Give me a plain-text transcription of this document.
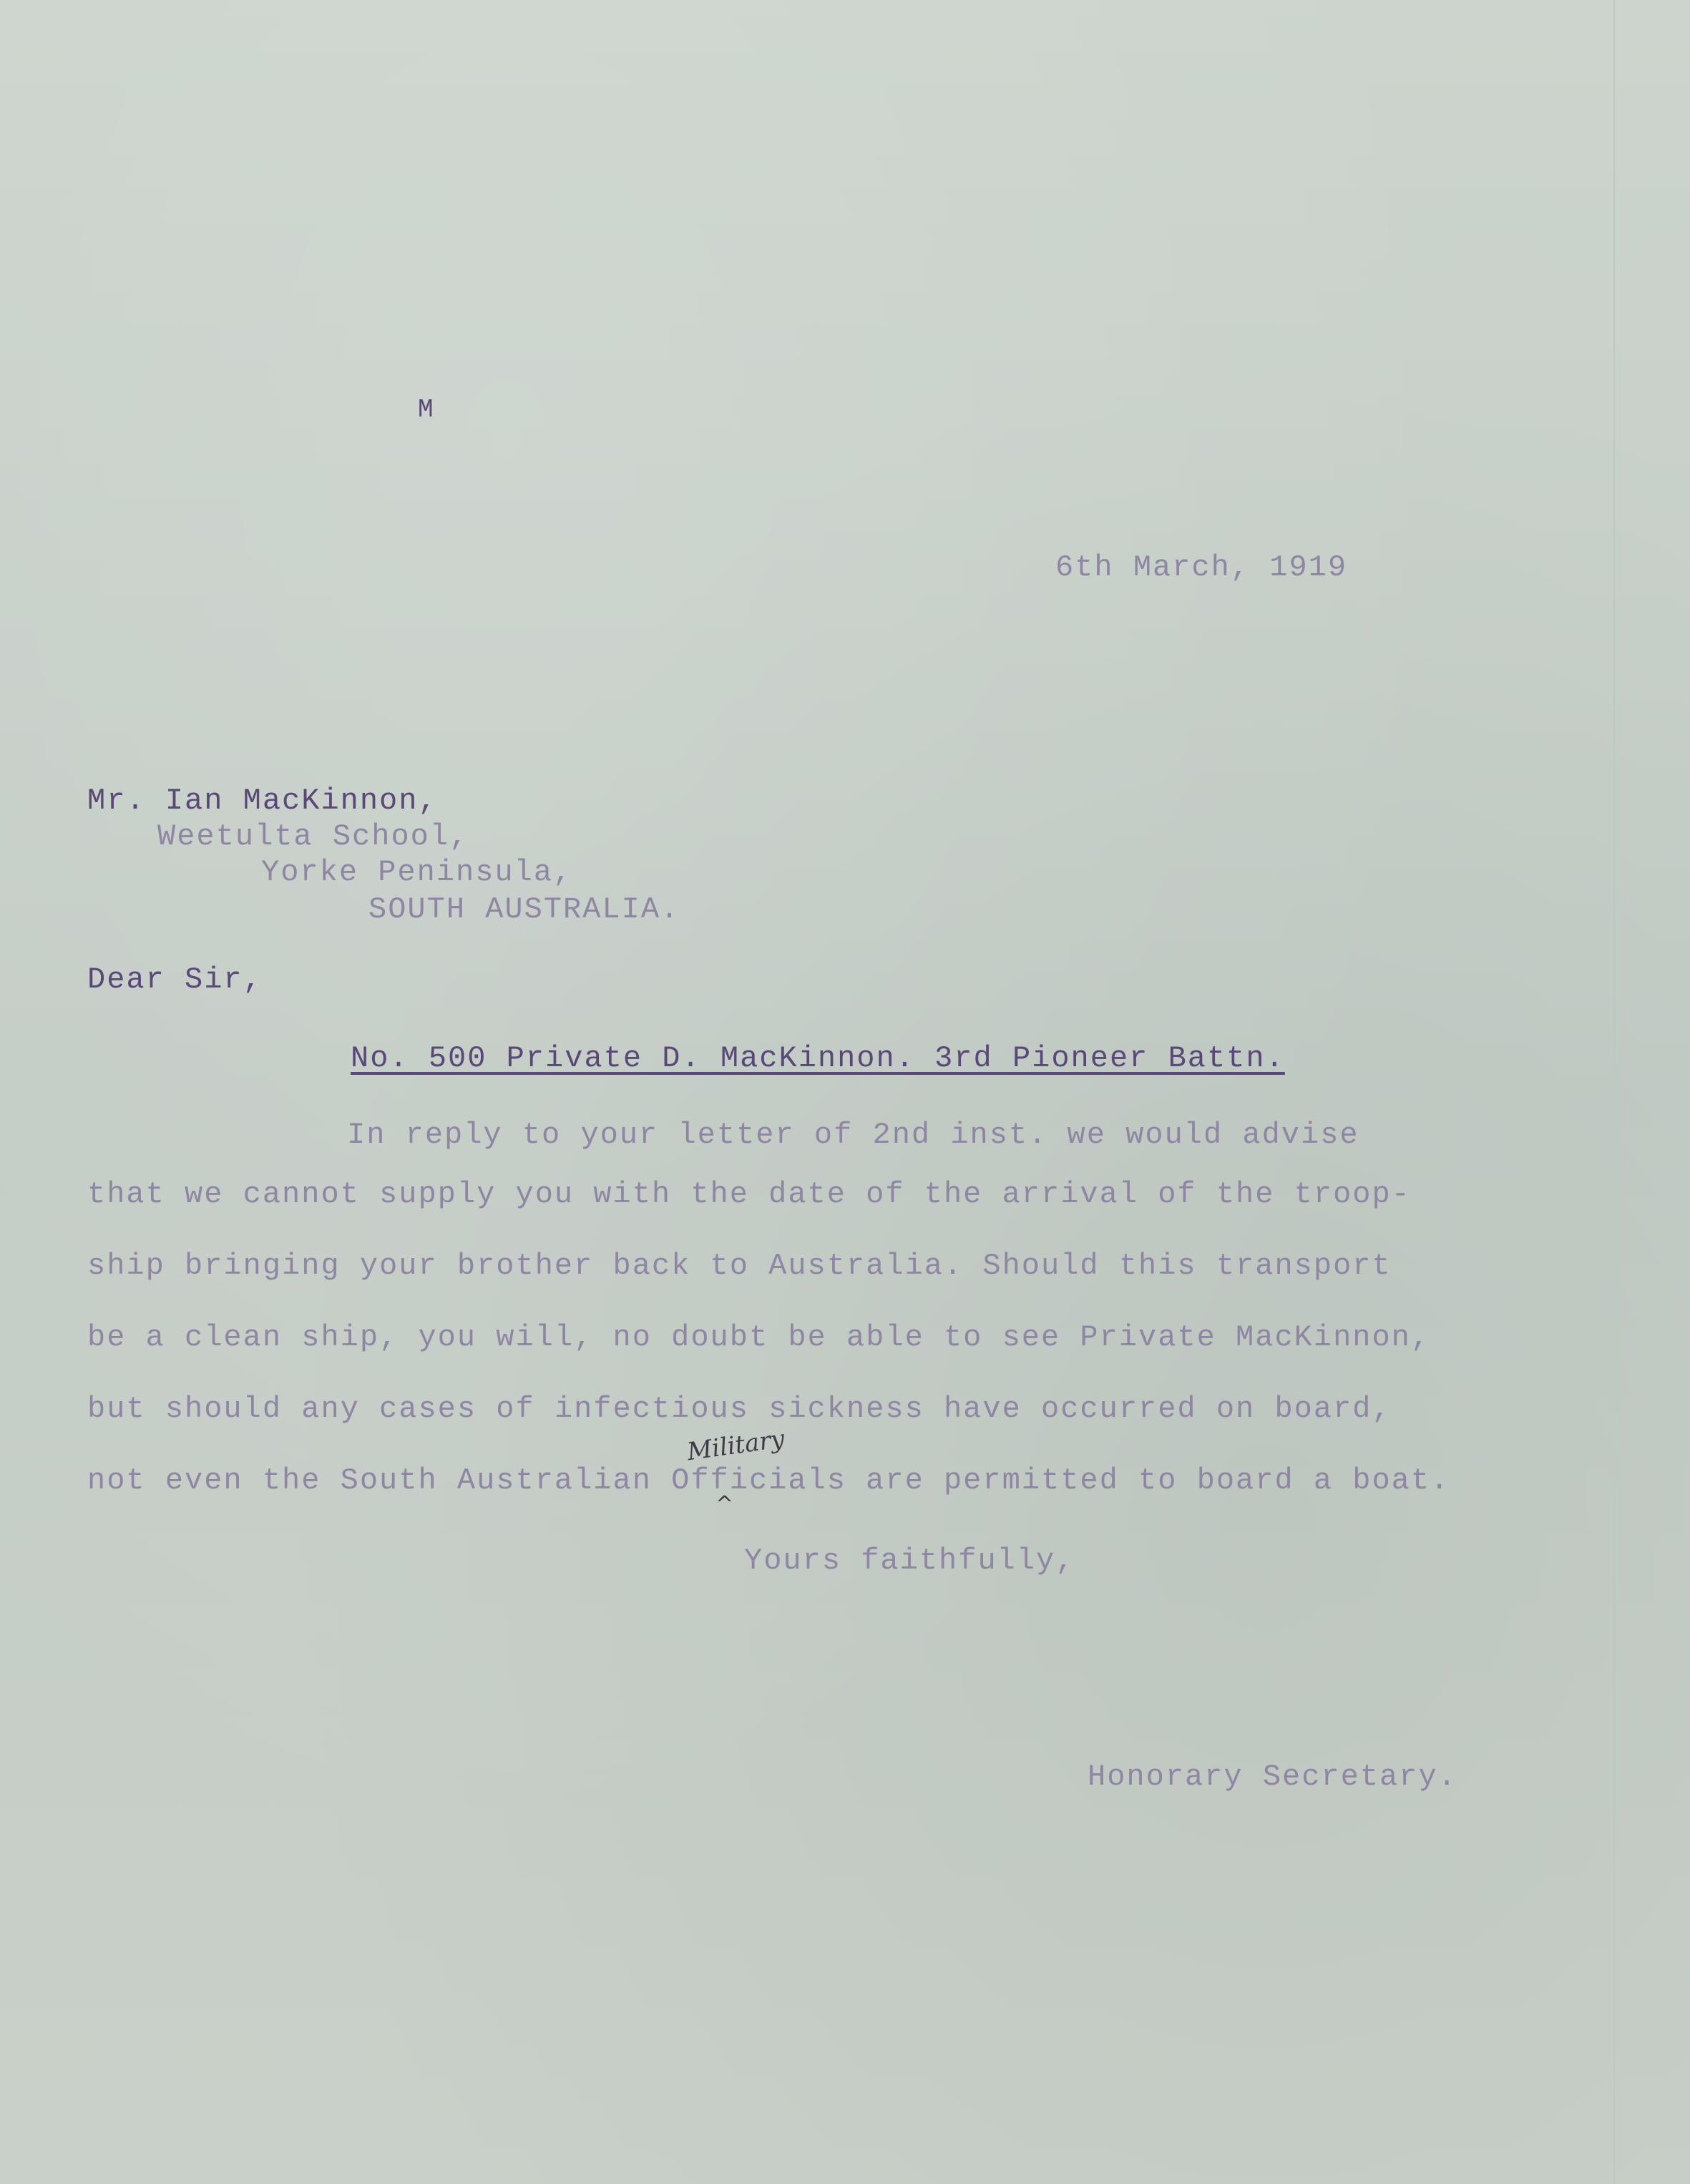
M
6th March, 1919
Mr. Ian MacKinnon,
Weetulta School,
Yorke Peninsula,
SOUTH AUSTRALIA.
Dear Sir,
No. 500 Private D. MacKinnon. 3rd Pioneer Battn.
In reply to your letter of 2nd inst. we would advise
that we cannot supply you with the date of the arrival of the troop-
ship bringing your brother back to Australia. Should this transport
be a clean ship, you will, no doubt be able to see Private MacKinnon,
but should any cases of infectious sickness have occurred on board,
not even the South Australian Officials are permitted to board a boat.
Military
^
Yours faithfully,
Honorary Secretary.
